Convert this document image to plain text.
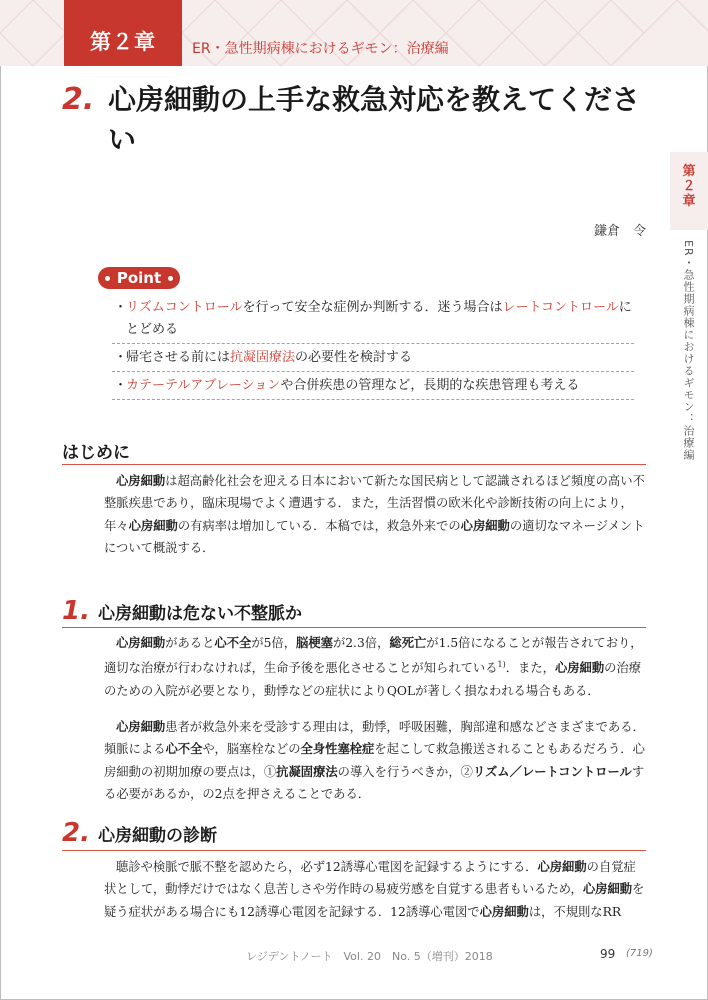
第２章	ER・急性期病棟におけるギモン：治療編
2. 心房細動の上手な救急対応を教えてください
鎌倉　令
第
２
章
ER・急性期病棟におけるギモン：治療編
Point
・
リズムコントロールを行って安全な症例か判断する．迷う場合はレートコントロールにとどめる
・
帰宅させる前には抗凝固療法の必要性を検討する
・
カテーテルアブレーションや合併疾患の管理など，長期的な疾患管理も考える
はじめに
心房細動は超高齢化社会を迎える日本において新たな国民病として認識されるほど頻度の高い不整脈疾患であり，臨床現場でよく遭遇する．また，生活習慣の欧米化や診断技術の向上により，年々心房細動の有病率は増加している．本稿では，救急外来での心房細動の適切なマネージメントについて概説する．
1. 心房細動は危ない不整脈か
心房細動があると心不全が5倍，脳梗塞が2.3倍，総死亡が1.5倍になることが報告されており，適切な治療が行わなければ，生命予後を悪化させることが知られている$^{1)}$．また，心房細動の治療のための入院が必要となり，動悸などの症状によりQOLが著しく損なわれる場合もある．
心房細動患者が救急外来を受診する理由は，動悸，呼吸困難，胸部違和感などさまざまである．頻脈による心不全や，脳塞栓などの全身性塞栓症を起こして救急搬送されることもあるだろう．心房細動の初期加療の要点は，①抗凝固療法の導入を行うべきか，②リズム／レートコントロールする必要があるか，の2点を押さえることである．
2. 心房細動の診断
聴診や検脈で脈不整を認めたら，必ず12誘導心電図を記録するようにする．心房細動の自覚症状として，動悸だけではなく息苦しさや労作時の易疲労感を自覚する患者もいるため，心房細動を疑う症状がある場合にも12誘導心電図を記録する．12誘導心電図で心房細動は，不規則なRR
レジデントノート　Vol. 20　No. 5（増刊）2018	99 (719)
